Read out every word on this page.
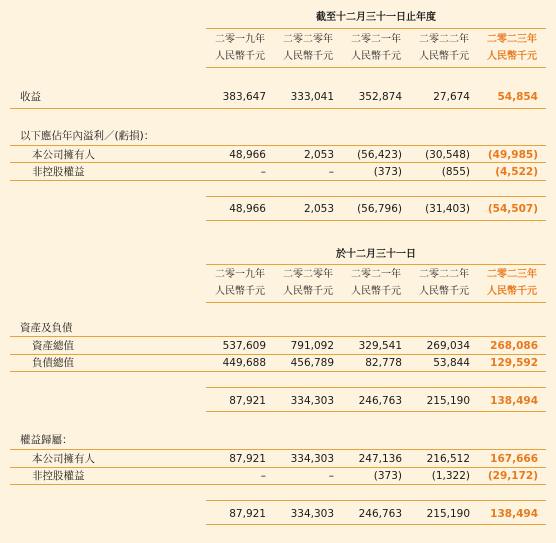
截至十二月三十一日止年度
二零一九年	二零二零年	二零二一年	二零二二年	二零二三年
人民幣千元	人民幣千元	人民幣千元	人民幣千元	人民幣千元
收益	383,647	333,041	352,874	27,674	54,854
以下應佔年內溢利／(虧損)：
本公司擁有人	48,966	2,053	(56,423)	(30,548)	(49,985)
非控股權益	–	–	(373)	(855)	(4,522)
48,966	2,053	(56,796)	(31,403)	(54,507)
於十二月三十一日
二零一九年	二零二零年	二零二一年	二零二二年	二零二三年
人民幣千元	人民幣千元	人民幣千元	人民幣千元	人民幣千元
資產及負債
資產總值	537,609	791,092	329,541	269,034	268,086
負債總值	449,688	456,789	82,778	53,844	129,592
87,921	334,303	246,763	215,190	138,494
權益歸屬：
本公司擁有人	87,921	334,303	247,136	216,512	167,666
非控股權益	–	–	(373)	(1,322)	(29,172)
87,921	334,303	246,763	215,190	138,494
